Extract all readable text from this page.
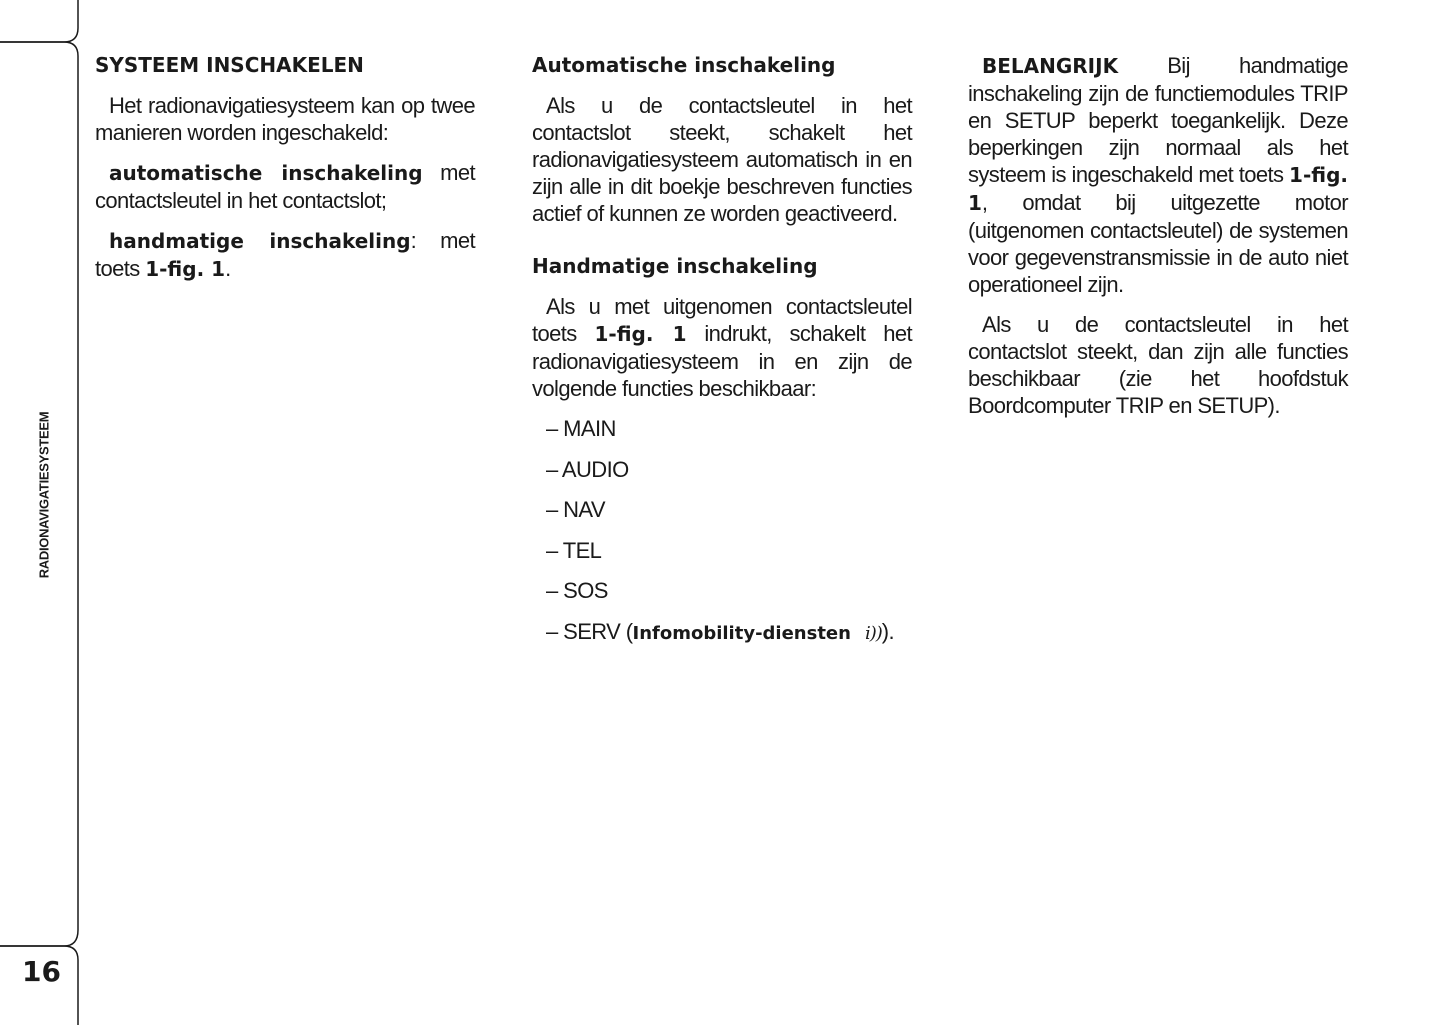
RADIONAVIGATIESYSTEEM
16

SYSTEEM INSCHAKELEN

Het radionavigatiesysteem kan op twee manieren worden ingeschakeld:

automatische inschakeling met contactsleutel in het contactslot;

handmatige inschakeling: met toets 1-fig. 1.

Automatische inschakeling

Als u de contactsleutel in het contactslot steekt, schakelt het radionavigatiesysteem automatisch in en zijn alle in dit boekje beschreven functies actief of kunnen ze worden geactiveerd.

Handmatige inschakeling

Als u met uitgenomen contactsleutel toets 1-fig. 1 indrukt, schakelt het radionavigatiesysteem in en zijn de volgende functies beschikbaar:

– MAIN
– AUDIO
– NAV
– TEL
– SOS
– SERV (Infomobility-diensten i))).

BELANGRIJK Bij handmatige inschakeling zijn de functiemodules TRIP en SETUP beperkt toegankelijk. Deze beperkingen zijn normaal als het systeem is ingeschakeld met toets 1-fig. 1, omdat bij uitgezette motor (uitgenomen contactsleutel) de systemen voor gegevenstransmissie in de auto niet operationeel zijn.

Als u de contactsleutel in het contactslot steekt, dan zijn alle functies beschikbaar (zie het hoofdstuk Boordcomputer TRIP en SETUP).
